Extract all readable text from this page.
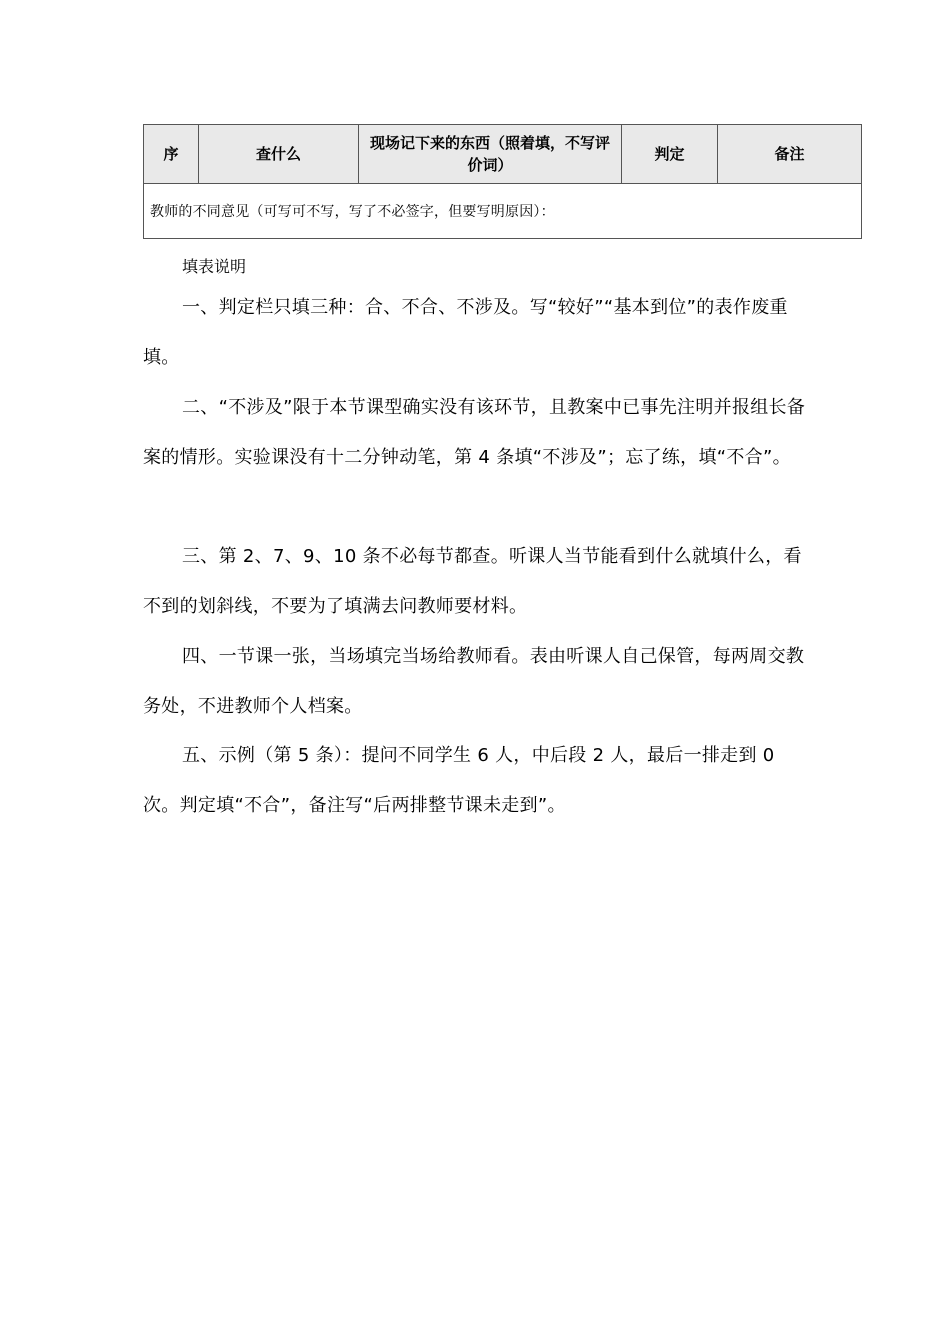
序	查什么	现场记下来的东西（照着填，不写评价词）	判定	备注
教师的不同意见（可写可不写，写了不必签字，但要写明原因）：
填表说明

一、判定栏只填三种：合、不合、不涉及。写“较好”“基本到位”的表作废重填。

二、“不涉及”限于本节课型确实没有该环节，且教案中已事先注明并报组长备案的情形。实验课没有十二分钟动笔，第 4 条填“不涉及”；忘了练，填“不合”。

三、第 2、7、9、10 条不必每节都查。听课人当节能看到什么就填什么，看不到的划斜线，不要为了填满去问教师要材料。

四、一节课一张，当场填完当场给教师看。表由听课人自己保管，每两周交教务处，不进教师个人档案。

五、示例（第 5 条）：提问不同学生 6 人，中后段 2 人，最后一排走到 0 次。判定填“不合”，备注写“后两排整节课未走到”。
